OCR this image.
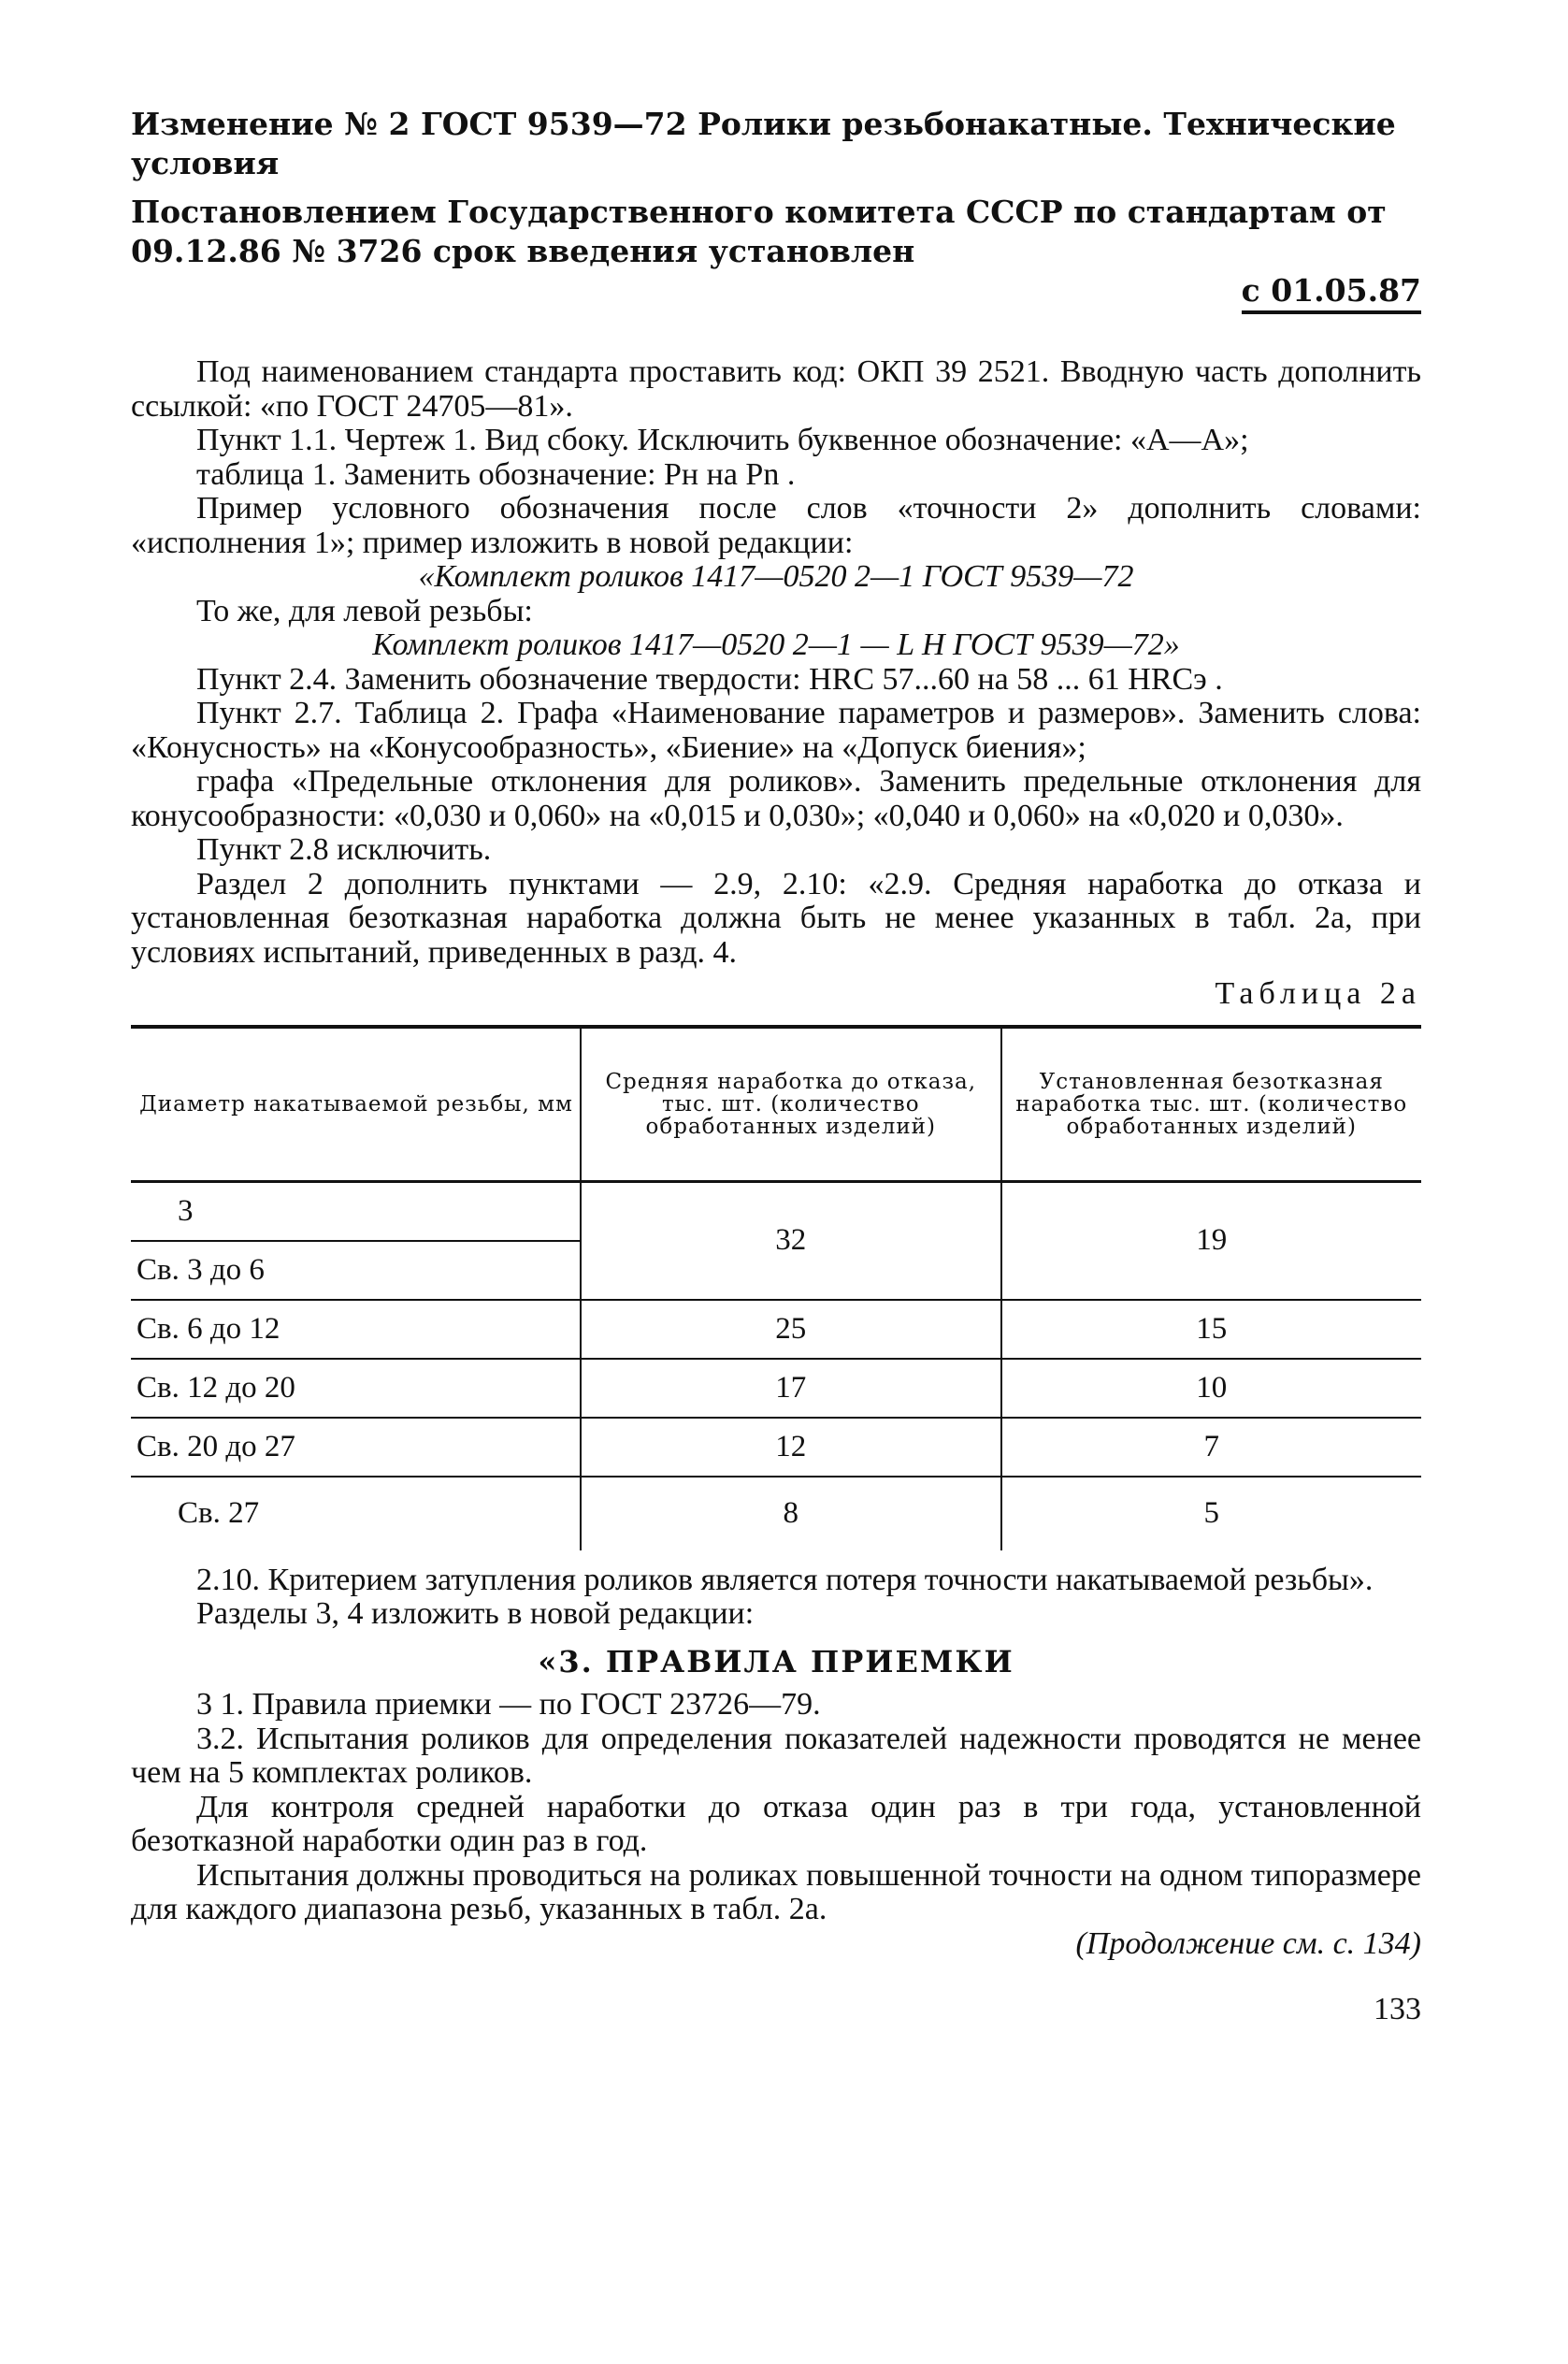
Изменение № 2 ГОСТ 9539—72 Ролики резьбонакатные. Технические условия
Постановлением Государственного комитета СССР по стандартам от 09.12.86 № 3726 срок введения установлен
с 01.05.87
Под наименованием стандарта проставить код: ОКП 39 2521. Вводную часть дополнить ссылкой: «по ГОСТ 24705—81».
Пункт 1.1. Чертеж 1. Вид сбоку. Исключить буквенное обозначение: «А—А»;
таблица 1. Заменить обозначение: Pн на Pn .
Пример условного обозначения после слов «точности 2» дополнить словами: «исполнения 1»; пример изложить в новой редакции:
«Комплект роликов 1417—0520 2—1 ГОСТ 9539—72
То же, для левой резьбы:
Комплект роликов 1417—0520 2—1 — L H ГОСТ 9539—72»
Пункт 2.4. Заменить обозначение твердости: HRC 57...60 на 58 ... 61 HRCэ .
Пункт 2.7. Таблица 2. Графа «Наименование параметров и размеров». Заменить слова: «Конусность» на «Конусообразность», «Биение» на «Допуск биения»;
графа «Предельные отклонения для роликов». Заменить предельные отклонения для конусообразности: «0,030 и 0,060» на «0,015 и 0,030»; «0,040 и 0,060» на «0,020 и 0,030».
Пункт 2.8 исключить.
Раздел 2 дополнить пунктами — 2.9, 2.10: «2.9. Средняя наработка до отказа и установленная безотказная наработка должна быть не менее указанных в табл. 2а, при условиях испытаний, приведенных в разд. 4.
Таблица 2а
Диаметр накатываемой резьбы, мм	Средняя наработка до отказа, тыс. шт. (количество обработанных изделий)	Установленная безотказная наработка тыс. шт. (количество обработанных изделий)
3	32	19
Св. 3 до 6		
Св. 6 до 12	25	15
Св. 12 до 20	17	10
Св. 20 до 27	12	7
Св. 27	8	5
2.10. Критерием затупления роликов является потеря точности накатываемой резьбы».
Разделы 3, 4 изложить в новой редакции:
«3. ПРАВИЛА ПРИЕМКИ
3 1. Правила приемки — по ГОСТ 23726—79.
3.2. Испытания роликов для определения показателей надежности проводятся не менее чем на 5 комплектах роликов.
Для контроля средней наработки до отказа один раз в три года, установленной безотказной наработки один раз в год.
Испытания должны проводиться на роликах повышенной точности на одном типоразмере для каждого диапазона резьб, указанных в табл. 2а.
(Продолжение см. с. 134)
133
